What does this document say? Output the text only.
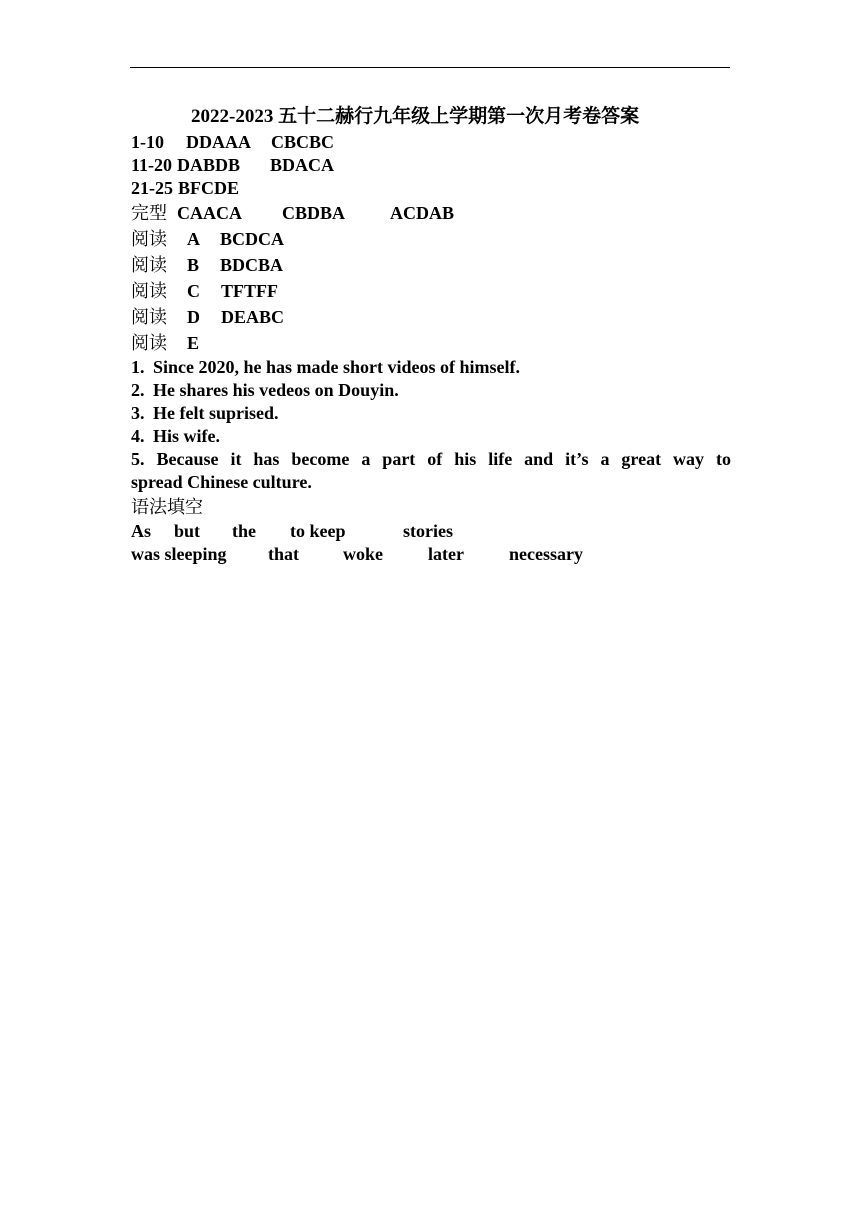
2022-2023 五十二赫行九年级上学期第一次月考卷答案
1-10 DDAAA CBCBC
11-20 DABDB BDACA
21-25 BFCDE
完型 CAACA CBDBA	ACDAB
阅读 A BCDCA
阅读 B BDCBA
阅读 C TFTFF
阅读 D DEABC
阅读 E
1. Since 2020, he has made short videos of himself.
2. He shares his vedeos on Douyin.
3. He felt suprised.
4. His wife.
5. Because it has become a part of his life and it’s a great way to
spread Chinese culture.
语法填空
As but the to keep	stories
was sleeping that woke	later	necessary
